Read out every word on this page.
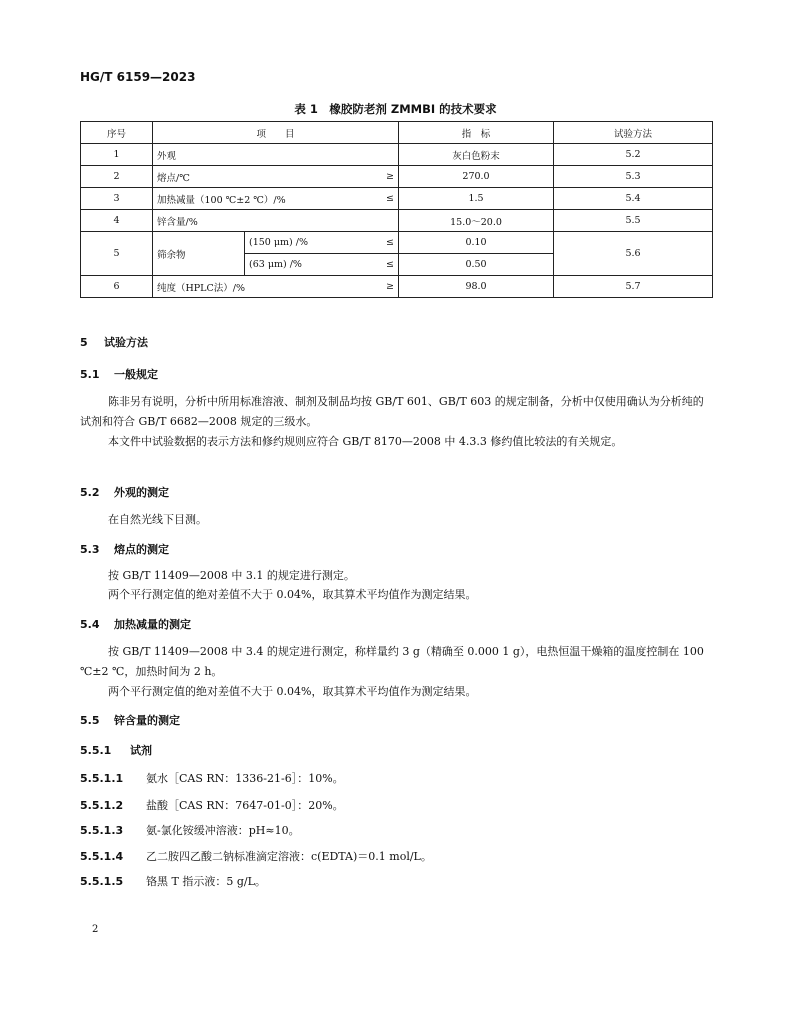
HG/T 6159—2023
表 1　橡胶防老剂 ZMMBI 的技术要求
序号	项　　目		指　标	试验方法
1	外观		灰白色粉末	5.2
2	熔点/℃ ≥		270.0	5.3
3	加热减量（100 ℃±2 ℃）/% ≤		1.5	5.4
4	锌含量/%		15.0～20.0	5.5
5	筛余物	(150 μm) /% ≤	0.10	5.6

		(63 μm) /% ≤	0.50	
6	纯度（HPLC法）/% ≥		98.0	5.7
5 试验方法
5.1 一般规定
陈非另有说明，分析中所用标准溶液、制剂及制品均按 GB/T 601、GB/T 603 的规定制备，分析中仅使用确认为分析纯的试剂和符合 GB/T 6682—2008 规定的三级水。
本文件中试验数据的表示方法和修约规则应符合 GB/T 8170—2008 中 4.3.3 修约值比较法的有关规定。
5.2 外观的测定
在自然光线下目测。
5.3 熔点的测定
按 GB/T 11409—2008 中 3.1 的规定进行测定。
两个平行测定值的绝对差值不大于 0.04%，取其算术平均值作为测定结果。
5.4 加热减量的测定
按 GB/T 11409—2008 中 3.4 的规定进行测定，称样量约 3 g（精确至 0.000 1 g），电热恒温干燥箱的温度控制在 100 ℃±2 ℃，加热时间为 2 h。
两个平行测定值的绝对差值不大于 0.04%，取其算术平均值作为测定结果。
5.5 锌含量的测定
5.5.1 试剂
5.5.1.1 氨水［CAS RN：1336-21-6］：10%。
5.5.1.2 盐酸［CAS RN：7647-01-0］：20%。
5.5.1.3 氨-氯化铵缓冲溶液：pH≈10。
5.5.1.4 乙二胺四乙酸二钠标准滴定溶液：c(EDTA)＝0.1 mol/L。
5.5.1.5 铬黑 T 指示液：5 g/L。
2
